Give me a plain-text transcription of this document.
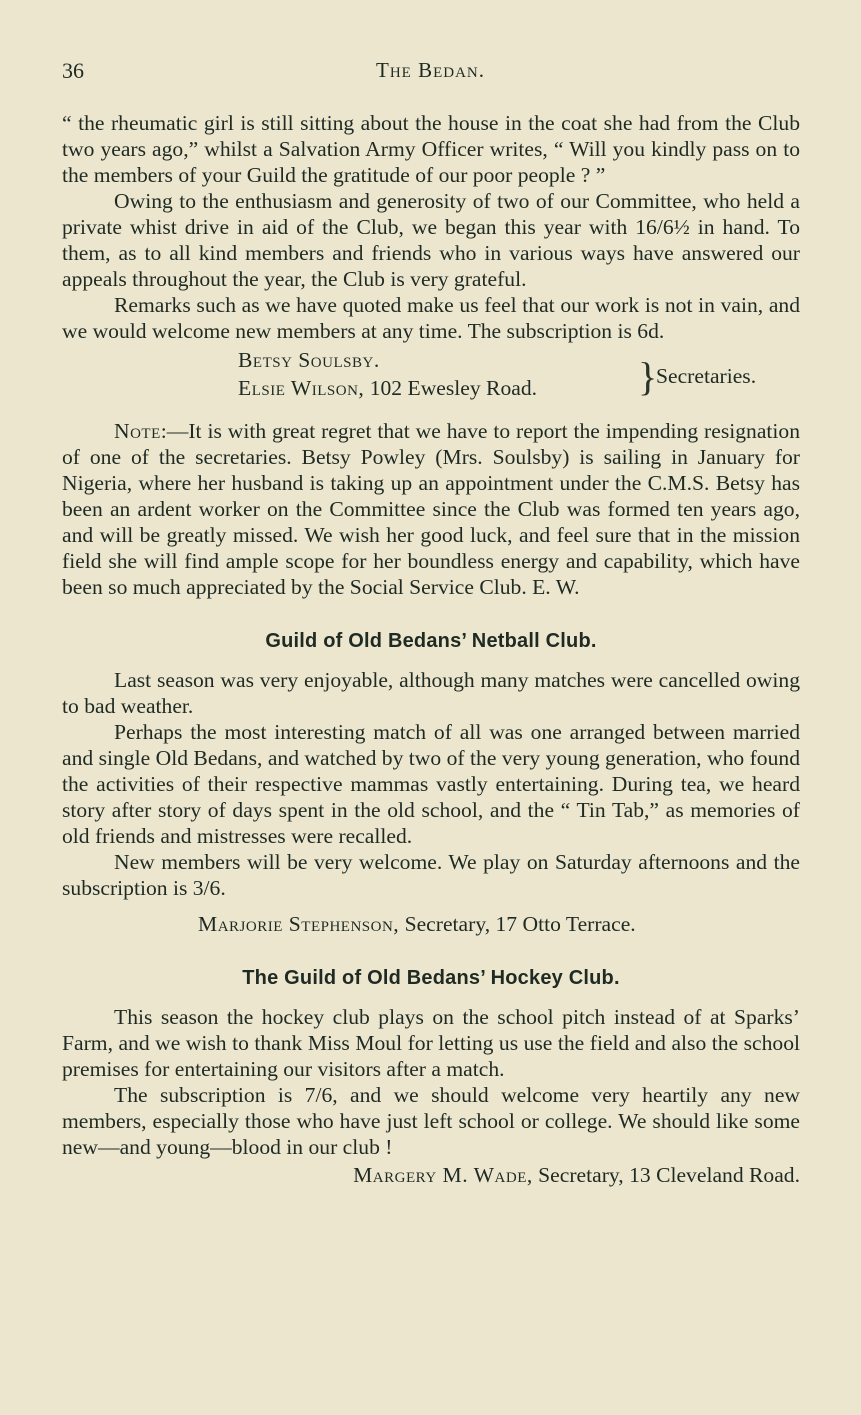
36	The Bedan.

“ the rheumatic girl is still sitting about the house in the coat she had from the Club two years ago,” whilst a Salvation Army Officer writes, “ Will you kindly pass on to the members of your Guild the gratitude of our poor people ? ”

Owing to the enthusiasm and generosity of two of our Committee, who held a private whist drive in aid of the Club, we began this year with 16/6½ in hand. To them, as to all kind members and friends who in various ways have answered our appeals throughout the year, the Club is very grateful.

Remarks such as we have quoted make us feel that our work is not in vain, and we would welcome new members at any time. The subscription is 6d.

Betsy Soulsby.
Elsie Wilson, 102 Ewesley Road.	}
Secretaries.

Note:—It is with great regret that we have to report the impending resignation of one of the secretaries. Betsy Powley (Mrs. Soulsby) is sailing in January for Nigeria, where her husband is taking up an appointment under the C.M.S. Betsy has been an ardent worker on the Committee since the Club was formed ten years ago, and will be greatly missed. We wish her good luck, and feel sure that in the mission field she will find ample scope for her boundless energy and capability, which have been so much appreciated by the Social Service Club. E. W.

Guild of Old Bedans’ Netball Club.

Last season was very enjoyable, although many matches were cancelled owing to bad weather.

Perhaps the most interesting match of all was one arranged between married and single Old Bedans, and watched by two of the very young generation, who found the activities of their respective mammas vastly entertaining. During tea, we heard story after story of days spent in the old school, and the “ Tin Tab,” as memories of old friends and mistresses were recalled.

New members will be very welcome. We play on Saturday afternoons and the subscription is 3/6.

Marjorie Stephenson, Secretary, 17 Otto Terrace.
The Guild of Old Bedans’ Hockey Club.

This season the hockey club plays on the school pitch instead of at Sparks’ Farm, and we wish to thank Miss Moul for letting us use the field and also the school premises for entertaining our visitors after a match.

The subscription is 7/6, and we should welcome very heartily any new members, especially those who have just left school or college. We should like some new—and young—blood in our club !

Margery M. Wade, Secretary, 13 Cleveland Road.
